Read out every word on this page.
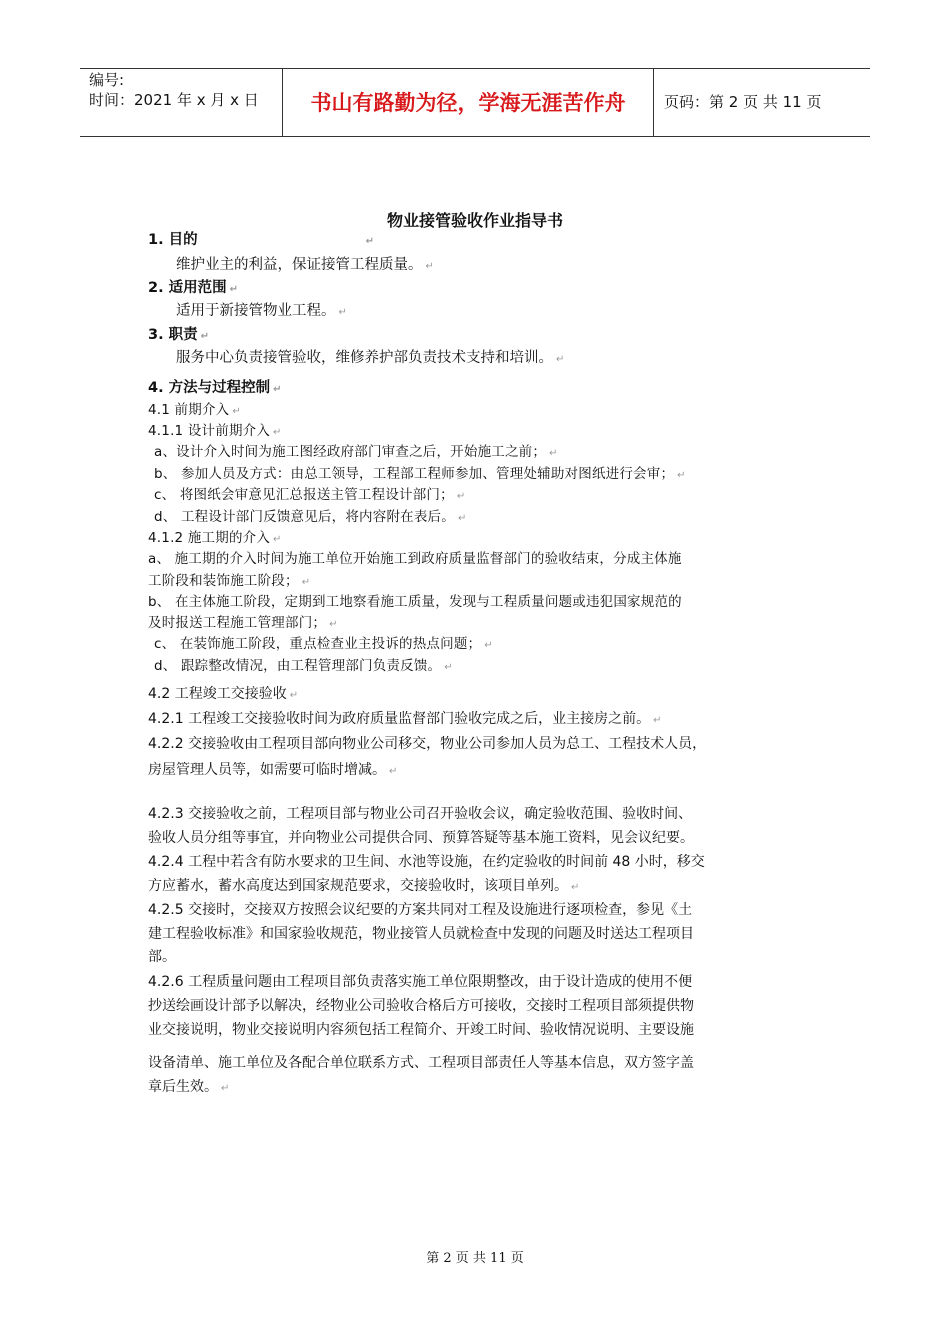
编号:
时间：2021 年 x 月 x 日	书山有路勤为径，学海无涯苦作舟	页码：第 2 页 共 11 页
物业接管验收作业指导书
1. 目的	↵
维护业主的利益，保证接管工程质量。 ↵
2. 适用范围 ↵
适用于新接管物业工程。 ↵
3. 职责 ↵
服务中心负责接管验收，维修养护部负责技术支持和培训。 ↵
4. 方法与过程控制 ↵
4.1 前期介入 ↵
4.1.1 设计前期介入 ↵
a、设计介入时间为施工图经政府部门审查之后，开始施工之前； ↵
b、 参加人员及方式：由总工领导，工程部工程师参加、管理处辅助对图纸进行会审； ↵
c、 将图纸会审意见汇总报送主管工程设计部门； ↵
d、 工程设计部门反馈意见后，将内容附在表后。 ↵
4.1.2 施工期的介入 ↵
a、 施工期的介入时间为施工单位开始施工到政府质量监督部门的验收结束，分成主体施
工阶段和装饰施工阶段； ↵
b、 在主体施工阶段，定期到工地察看施工质量，发现与工程质量问题或违犯国家规范的
及时报送工程施工管理部门； ↵
c、 在装饰施工阶段，重点检查业主投诉的热点问题； ↵
d、 跟踪整改情况，由工程管理部门负责反馈。 ↵
4.2 工程竣工交接验收 ↵
4.2.1 工程竣工交接验收时间为政府质量监督部门验收完成之后，业主接房之前。 ↵
4.2.2 交接验收由工程项目部向物业公司移交，物业公司参加人员为总工、工程技术人员，
房屋管理人员等，如需要可临时增减。 ↵
4.2.3 交接验收之前，工程项目部与物业公司召开验收会议，确定验收范围、验收时间、
验收人员分组等事宜，并向物业公司提供合同、预算答疑等基本施工资料，见会议纪要。
4.2.4 工程中若含有防水要求的卫生间、水池等设施，在约定验收的时间前 48 小时，移交
方应蓄水，蓄水高度达到国家规范要求，交接验收时，该项目单列。 ↵
4.2.5 交接时，交接双方按照会议纪要的方案共同对工程及设施进行逐项检查，参见《土
建工程验收标准》和国家验收规范，物业接管人员就检查中发现的问题及时送达工程项目
部。
4.2.6 工程质量问题由工程项目部负责落实施工单位限期整改，由于设计造成的使用不便
抄送绘画设计部予以解决，经物业公司验收合格后方可接收，交接时工程项目部须提供物
业交接说明，物业交接说明内容须包括工程简介、开竣工时间、验收情况说明、主要设施
设备清单、施工单位及各配合单位联系方式、工程项目部责任人等基本信息，双方签字盖
章后生效。 ↵
第 2 页 共 11 页
